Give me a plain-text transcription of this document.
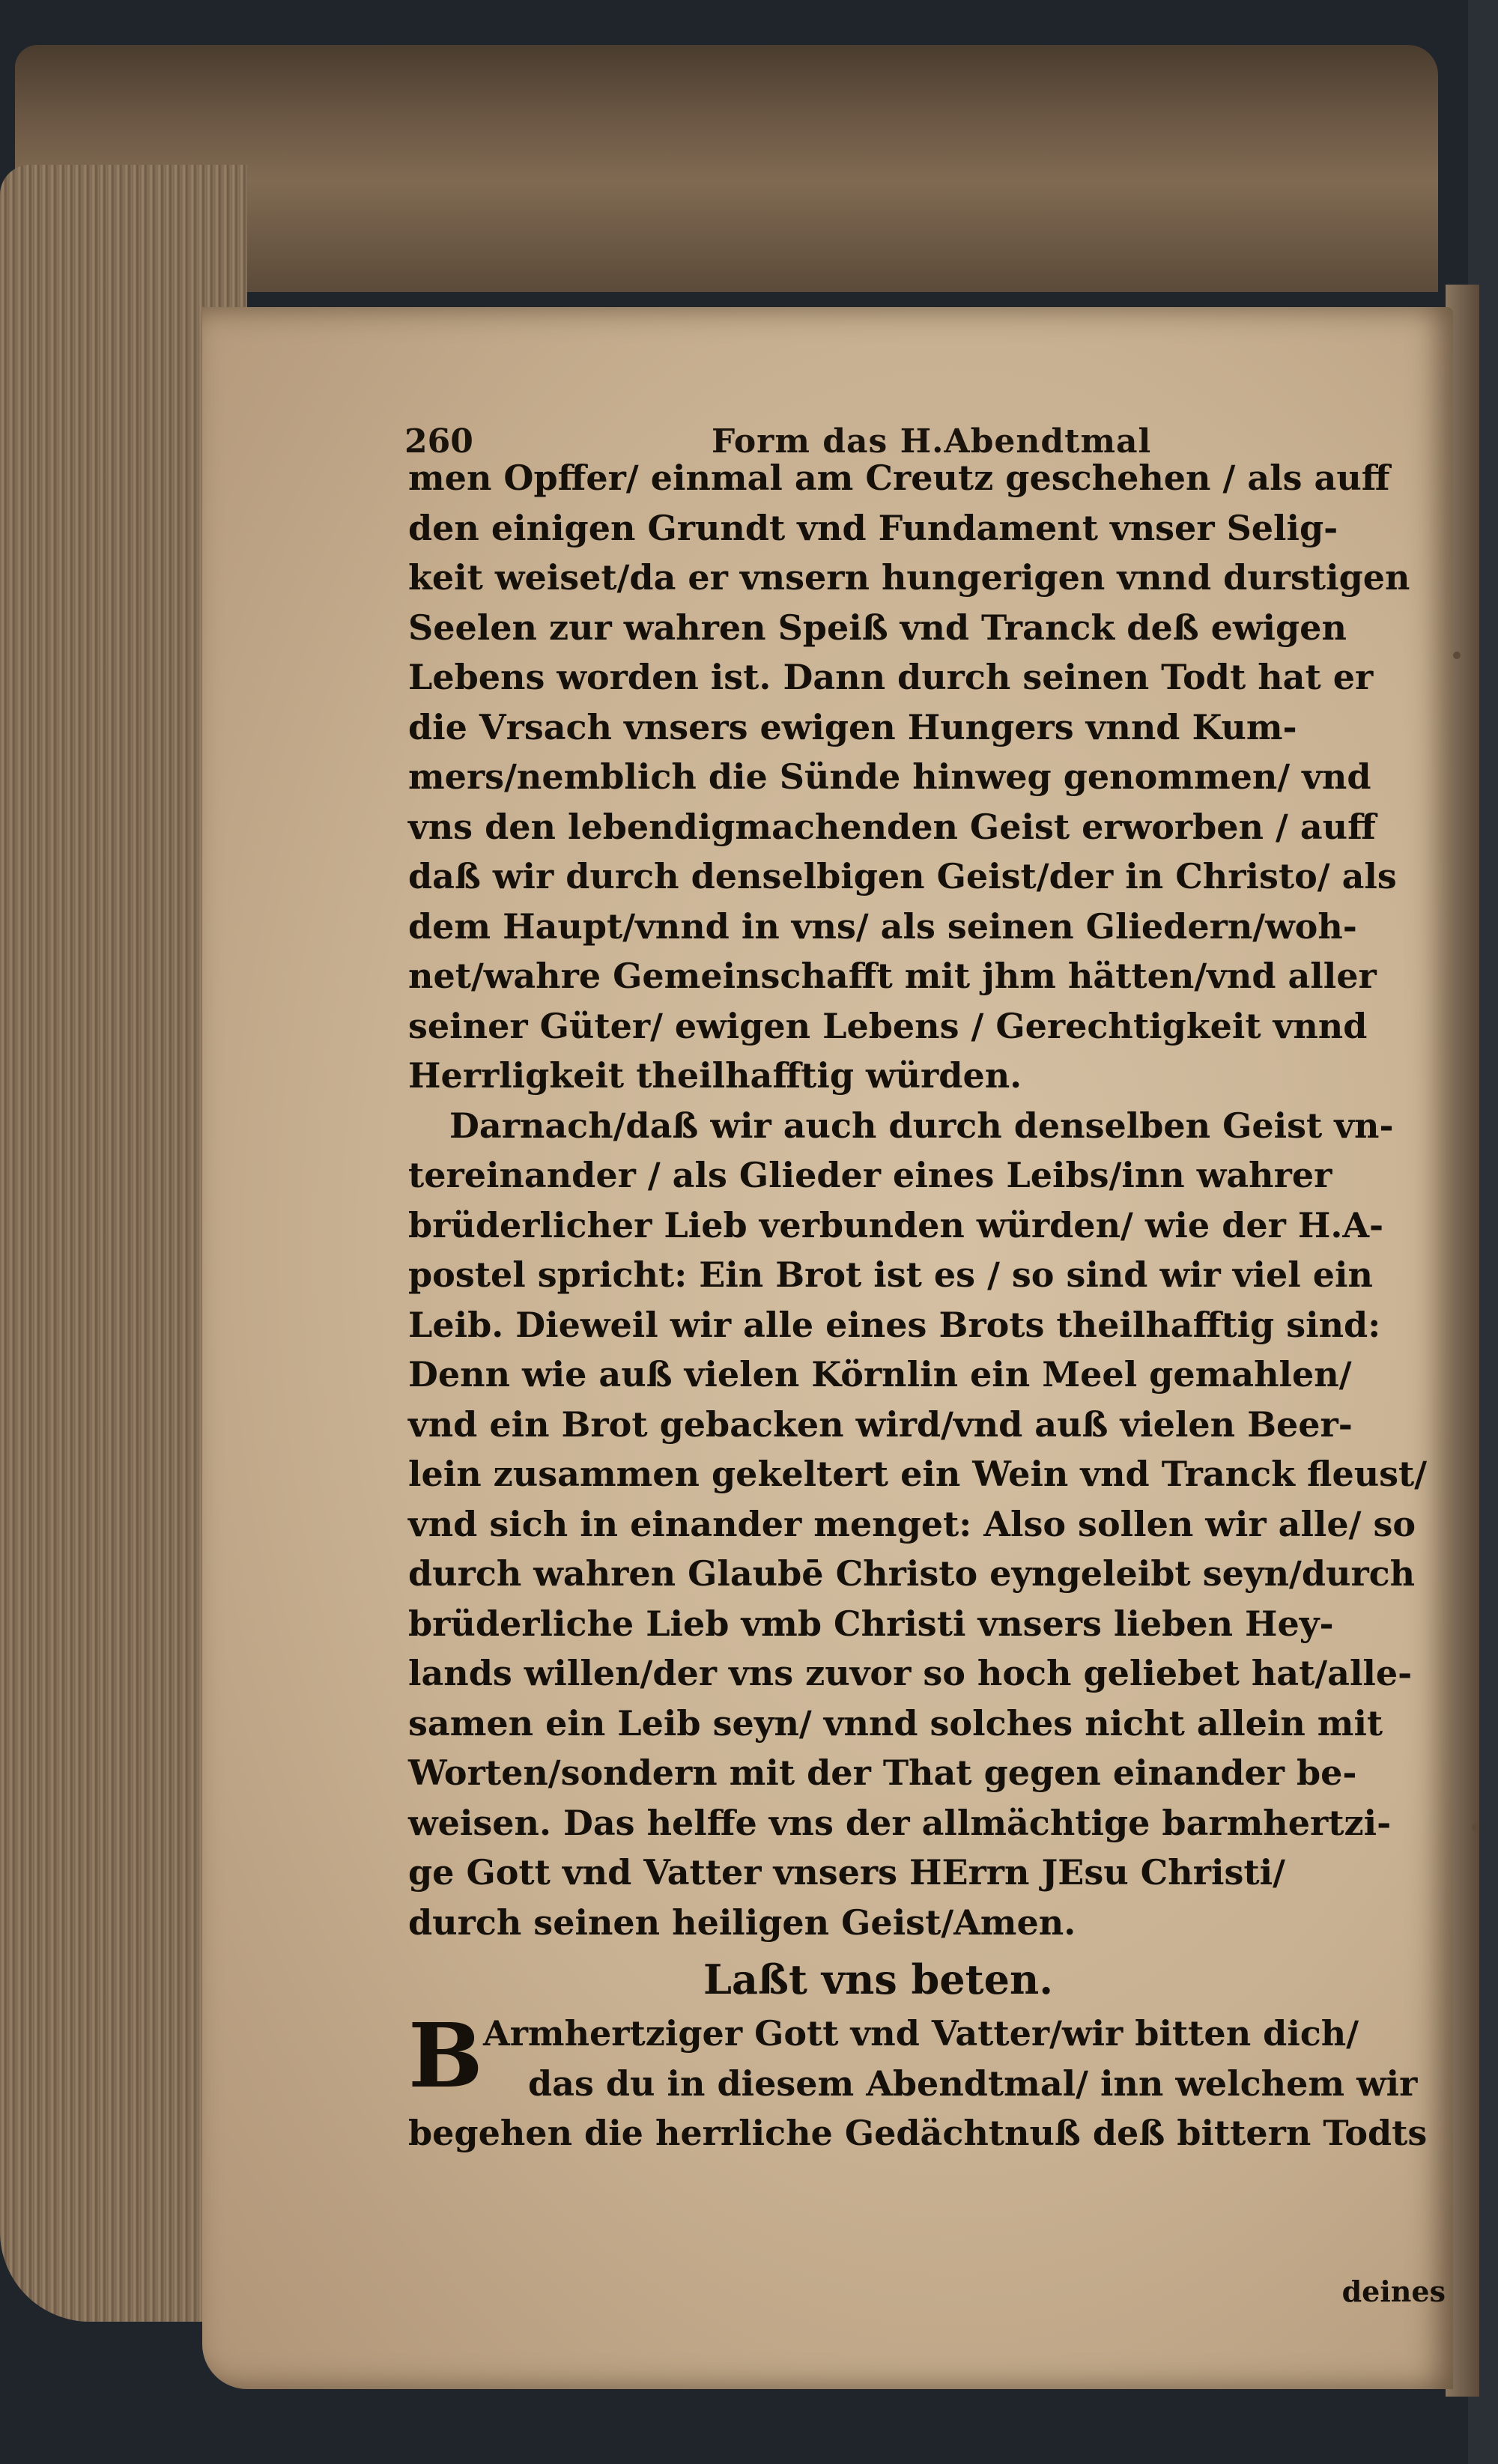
260	Form das H.Abendtmal
men Opffer/ einmal am Creutz geschehen / als auff
den einigen Grundt vnd Fundament vnser Selig-
keit weiset/da er vnsern hungerigen vnnd durstigen
Seelen zur wahren Speiß vnd Tranck deß ewigen
Lebens worden ist. Dann durch seinen Todt hat er
die Vrsach vnsers ewigen Hungers vnnd Kum-
mers/nemblich die Sünde hinweg genommen/ vnd
vns den lebendigmachenden Geist erworben / auff
daß wir durch denselbigen Geist/der in Christo/ als
dem Haupt/vnnd in vns/ als seinen Gliedern/woh-
net/wahre Gemeinschafft mit jhm hätten/vnd aller
seiner Güter/ ewigen Lebens / Gerechtigkeit vnnd
Herrligkeit theilhafftig würden.
Darnach/daß wir auch durch denselben Geist vn-
tereinander / als Glieder eines Leibs/inn wahrer
brüderlicher Lieb verbunden würden/ wie der H.A-
postel spricht: Ein Brot ist es / so sind wir viel ein
Leib. Dieweil wir alle eines Brots theilhafftig sind:
Denn wie auß vielen Körnlin ein Meel gemahlen/
vnd ein Brot gebacken wird/vnd auß vielen Beer-
lein zusammen gekeltert ein Wein vnd Tranck fleust/
vnd sich in einander menget: Also sollen wir alle/ so
durch wahren Glaubē Christo eyngeleibt seyn/durch
brüderliche Lieb vmb Christi vnsers lieben Hey-
lands willen/der vns zuvor so hoch geliebet hat/alle-
samen ein Leib seyn/ vnnd solches nicht allein mit
Worten/sondern mit der That gegen einander be-
weisen. Das helffe vns der allmächtige barmhertzi-
ge Gott vnd Vatter vnsers HErrn JEsu Christi/
durch seinen heiligen Geist/Amen.
Laßt vns beten.
B Armhertziger Gott vnd Vatter/wir bitten dich/
das du in diesem Abendtmal/ inn welchem wir
begehen die herrliche Gedächtnuß deß bittern Todts
deines
